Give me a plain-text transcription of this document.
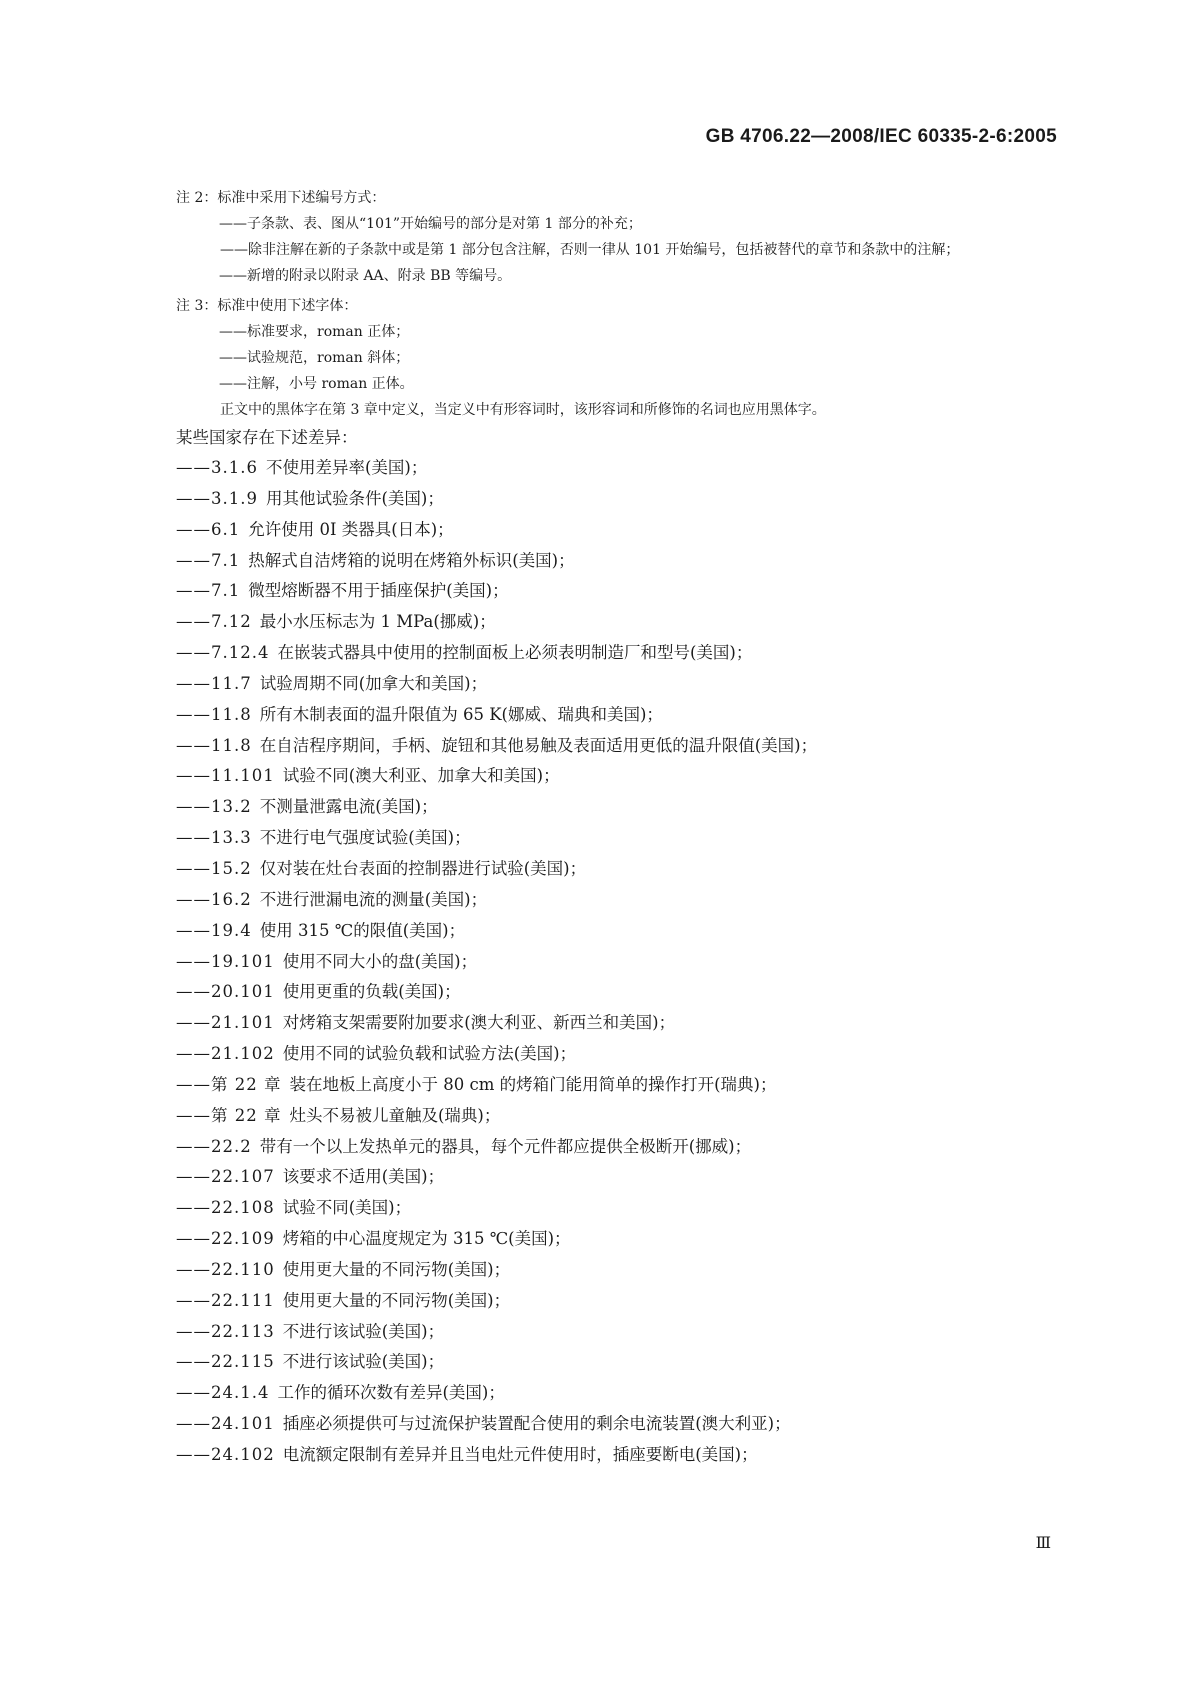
GB 4706.22—2008/IEC 60335-2-6:2005
注 2：标准中采用下述编号方式：
——子条款、表、图从“101”开始编号的部分是对第 1 部分的补充；
——除非注解在新的子条款中或是第 1 部分包含注解，否则一律从 101 开始编号，包括被替代的章节和条款中的注解；
——新增的附录以附录 AA、附录 BB 等编号。
注 3：标准中使用下述字体：
——标准要求，roman 正体；
——试验规范，roman 斜体；
——注解，小号 roman 正体。
正文中的黑体字在第 3 章中定义，当定义中有形容词时，该形容词和所修饰的名词也应用黑体字。
某些国家存在下述差异：
——3.1.6 不使用差异率(美国)；
——3.1.9 用其他试验条件(美国)；
——6.1 允许使用 0I 类器具(日本)；
——7.1 热解式自洁烤箱的说明在烤箱外标识(美国)；
——7.1 微型熔断器不用于插座保护(美国)；
——7.12 最小水压标志为 1 MPa(挪威)；
——7.12.4 在嵌装式器具中使用的控制面板上必须表明制造厂和型号(美国)；
——11.7 试验周期不同(加拿大和美国)；
——11.8 所有木制表面的温升限值为 65 K(娜威、瑞典和美国)；
——11.8 在自洁程序期间，手柄、旋钮和其他易触及表面适用更低的温升限值(美国)；
——11.101 试验不同(澳大利亚、加拿大和美国)；
——13.2 不测量泄露电流(美国)；
——13.3 不进行电气强度试验(美国)；
——15.2 仅对装在灶台表面的控制器进行试验(美国)；
——16.2 不进行泄漏电流的测量(美国)；
——19.4 使用 315 ℃的限值(美国)；
——19.101 使用不同大小的盘(美国)；
——20.101 使用更重的负载(美国)；
——21.101 对烤箱支架需要附加要求(澳大利亚、新西兰和美国)；
——21.102 使用不同的试验负载和试验方法(美国)；
——第 22 章 装在地板上高度小于 80 cm 的烤箱门能用简单的操作打开(瑞典)；
——第 22 章 灶头不易被儿童触及(瑞典)；
——22.2 带有一个以上发热单元的器具，每个元件都应提供全极断开(挪威)；
——22.107 该要求不适用(美国)；
——22.108 试验不同(美国)；
——22.109 烤箱的中心温度规定为 315 ℃(美国)；
——22.110 使用更大量的不同污物(美国)；
——22.111 使用更大量的不同污物(美国)；
——22.113 不进行该试验(美国)；
——22.115 不进行该试验(美国)；
——24.1.4 工作的循环次数有差异(美国)；
——24.101 插座必须提供可与过流保护装置配合使用的剩余电流装置(澳大利亚)；
——24.102 电流额定限制有差异并且当电灶元件使用时，插座要断电(美国)；
Ⅲ
